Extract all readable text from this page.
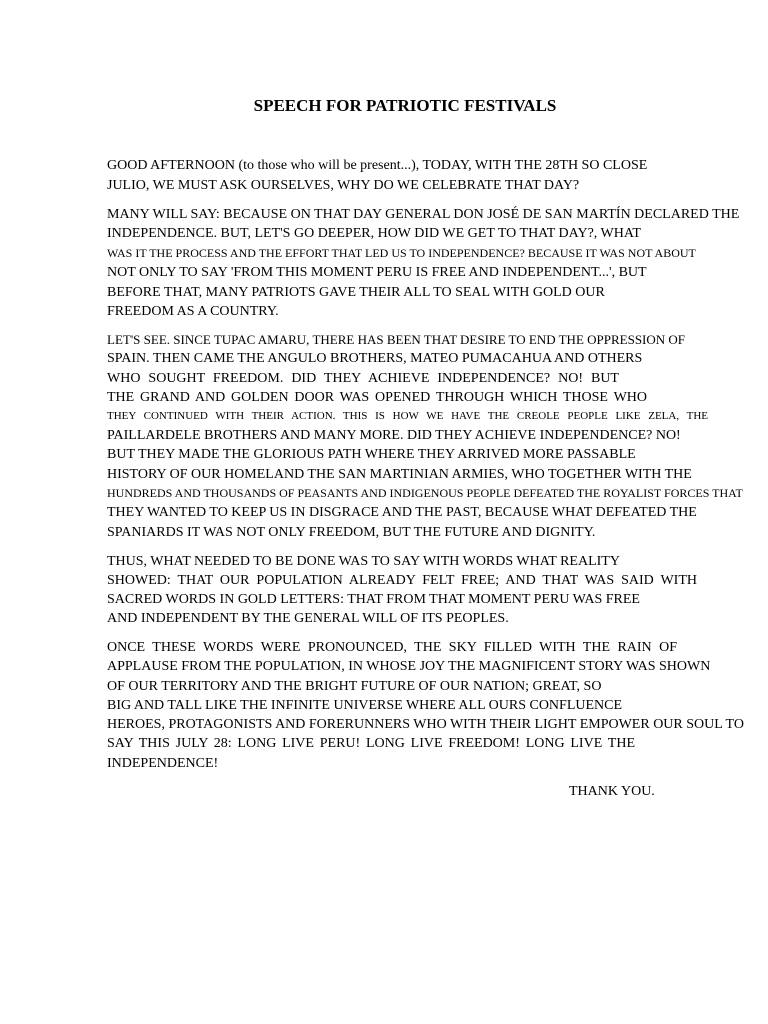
SPEECH FOR PATRIOTIC FESTIVALS
GOOD AFTERNOON (to those who will be present...), TODAY, WITH THE 28TH SO CLOSE
JULIO, WE MUST ASK OURSELVES, WHY DO WE CELEBRATE THAT DAY?
MANY WILL SAY: BECAUSE ON THAT DAY GENERAL DON JOSÉ DE SAN MARTÍN DECLARED THE
INDEPENDENCE. BUT, LET'S GO DEEPER, HOW DID WE GET TO THAT DAY?, WHAT
WAS IT THE PROCESS AND THE EFFORT THAT LED US TO INDEPENDENCE? BECAUSE IT WAS NOT ABOUT
NOT ONLY TO SAY 'FROM THIS MOMENT PERU IS FREE AND INDEPENDENT...', BUT
BEFORE THAT, MANY PATRIOTS GAVE THEIR ALL TO SEAL WITH GOLD OUR
FREEDOM AS A COUNTRY.
LET'S SEE. SINCE TUPAC AMARU, THERE HAS BEEN THAT DESIRE TO END THE OPPRESSION OF
SPAIN. THEN CAME THE ANGULO BROTHERS, MATEO PUMACAHUA AND OTHERS
WHO SOUGHT FREEDOM. DID THEY ACHIEVE INDEPENDENCE? NO! BUT
THE GRAND AND GOLDEN DOOR WAS OPENED THROUGH WHICH THOSE WHO
THEY CONTINUED WITH THEIR ACTION. THIS IS HOW WE HAVE THE CREOLE PEOPLE LIKE ZELA, THE
PAILLARDELE BROTHERS AND MANY MORE. DID THEY ACHIEVE INDEPENDENCE? NO!
BUT THEY MADE THE GLORIOUS PATH WHERE THEY ARRIVED MORE PASSABLE
HISTORY OF OUR HOMELAND THE SAN MARTINIAN ARMIES, WHO TOGETHER WITH THE
HUNDREDS AND THOUSANDS OF PEASANTS AND INDIGENOUS PEOPLE DEFEATED THE ROYALIST FORCES THAT
THEY WANTED TO KEEP US IN DISGRACE AND THE PAST, BECAUSE WHAT DEFEATED THE
SPANIARDS IT WAS NOT ONLY FREEDOM, BUT THE FUTURE AND DIGNITY.
THUS, WHAT NEEDED TO BE DONE WAS TO SAY WITH WORDS WHAT REALITY
SHOWED: THAT OUR POPULATION ALREADY FELT FREE; AND THAT WAS SAID WITH
SACRED WORDS IN GOLD LETTERS: THAT FROM THAT MOMENT PERU WAS FREE
AND INDEPENDENT BY THE GENERAL WILL OF ITS PEOPLES.
ONCE THESE WORDS WERE PRONOUNCED, THE SKY FILLED WITH THE RAIN OF
APPLAUSE FROM THE POPULATION, IN WHOSE JOY THE MAGNIFICENT STORY WAS SHOWN
OF OUR TERRITORY AND THE BRIGHT FUTURE OF OUR NATION; GREAT, SO
BIG AND TALL LIKE THE INFINITE UNIVERSE WHERE ALL OURS CONFLUENCE
HEROES, PROTAGONISTS AND FORERUNNERS WHO WITH THEIR LIGHT EMPOWER OUR SOUL TO
SAY THIS JULY 28: LONG LIVE PERU! LONG LIVE FREEDOM! LONG LIVE THE
INDEPENDENCE!
THANK YOU.
